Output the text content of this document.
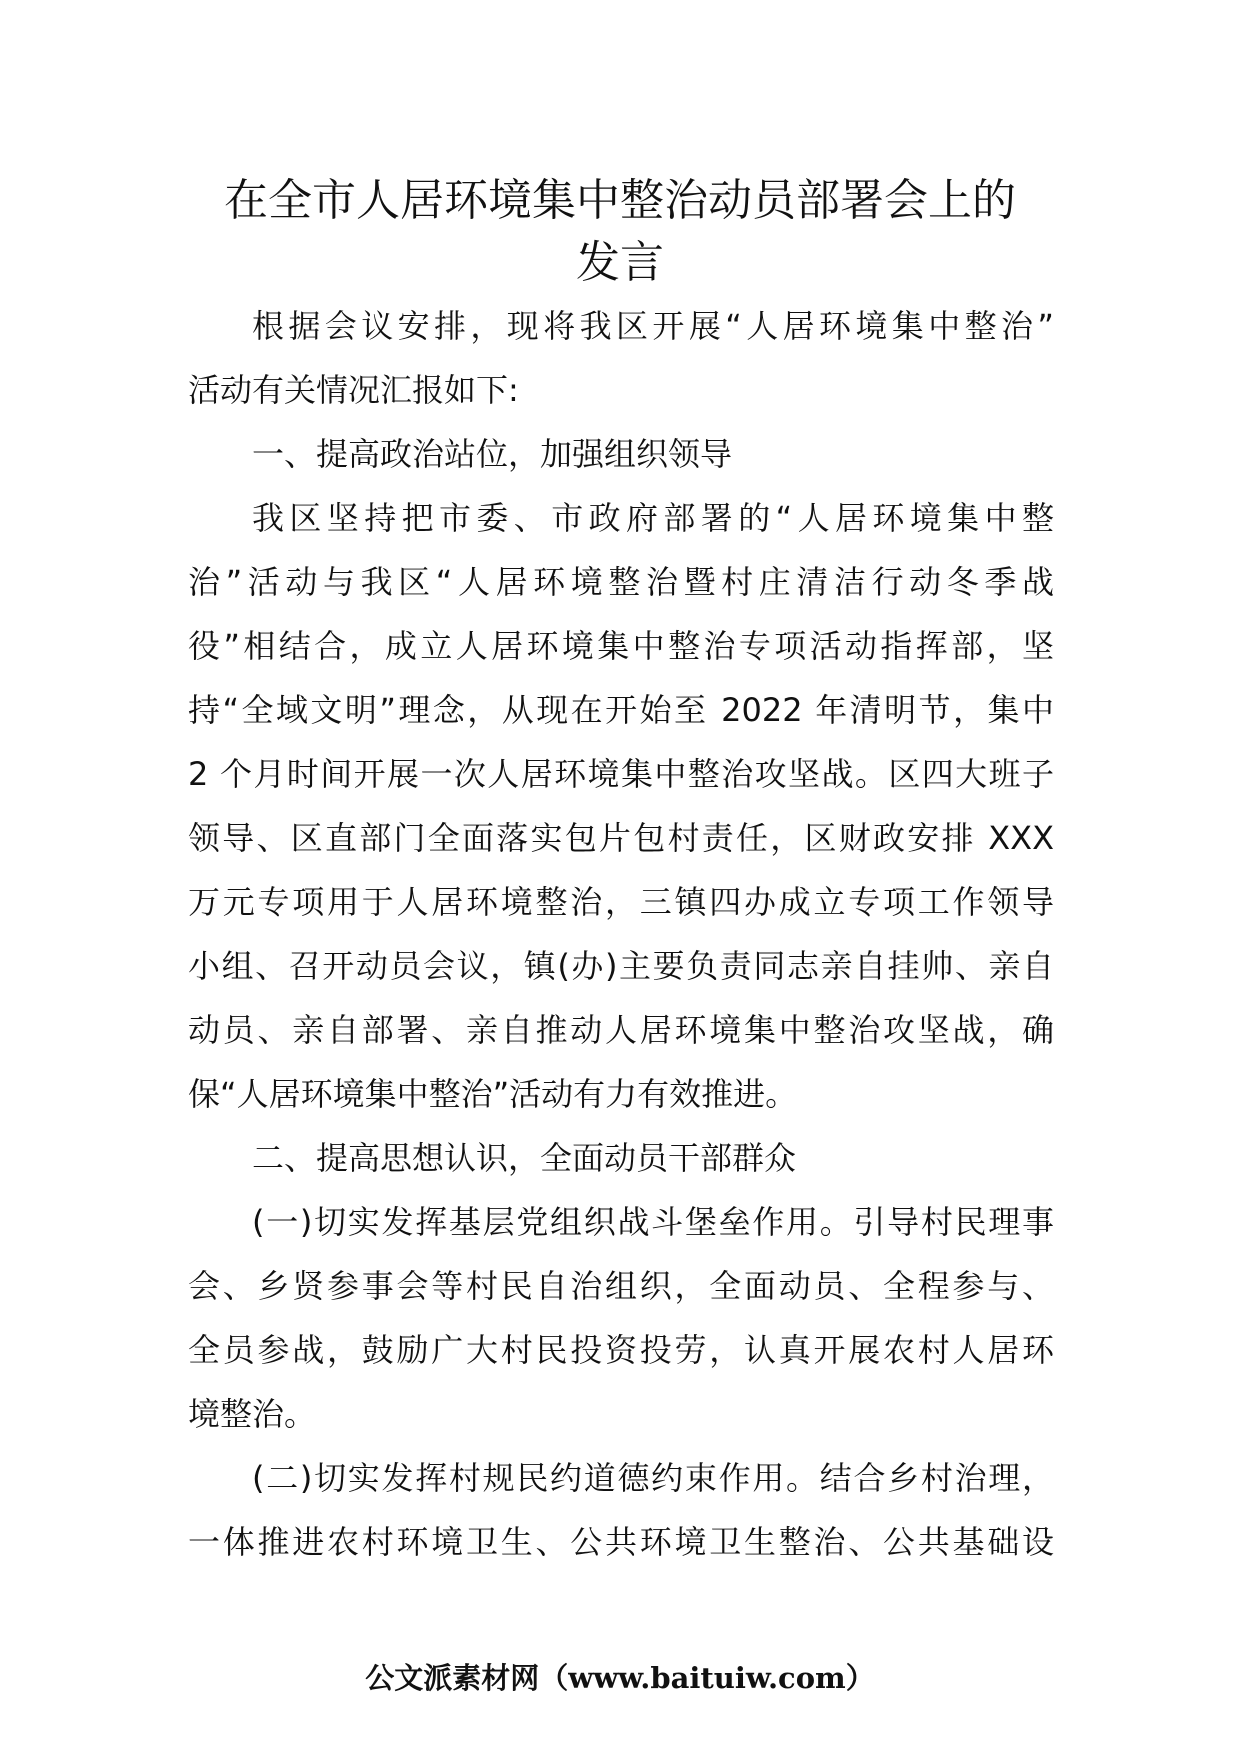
在全市人居环境集中整治动员部署会上的
发言
根据会议安排，现将我区开展“人居环境集中整治”
活动有关情况汇报如下:
一、提高政治站位，加强组织领导
我区坚持把市委、市政府部署的“人居环境集中整
治”活动与我区“人居环境整治暨村庄清洁行动冬季战
役”相结合，成立人居环境集中整治专项活动指挥部，坚
持“全域文明”理念，从现在开始至 2022 年清明节，集中
2 个月时间开展一次人居环境集中整治攻坚战。区四大班子
领导、区直部门全面落实包片包村责任，区财政安排 XXX
万元专项用于人居环境整治，三镇四办成立专项工作领导
小组、召开动员会议，镇(办)主要负责同志亲自挂帅、亲自
动员、亲自部署、亲自推动人居环境集中整治攻坚战，确
保“人居环境集中整治”活动有力有效推进。
二、提高思想认识，全面动员干部群众
(一)切实发挥基层党组织战斗堡垒作用。引导村民理事
会、乡贤参事会等村民自治组织，全面动员、全程参与、
全员参战，鼓励广大村民投资投劳，认真开展农村人居环
境整治。
(二)切实发挥村规民约道德约束作用。结合乡村治理，
一体推进农村环境卫生、公共环境卫生整治、公共基础设
公文派素材网（www.baituiw.com）
